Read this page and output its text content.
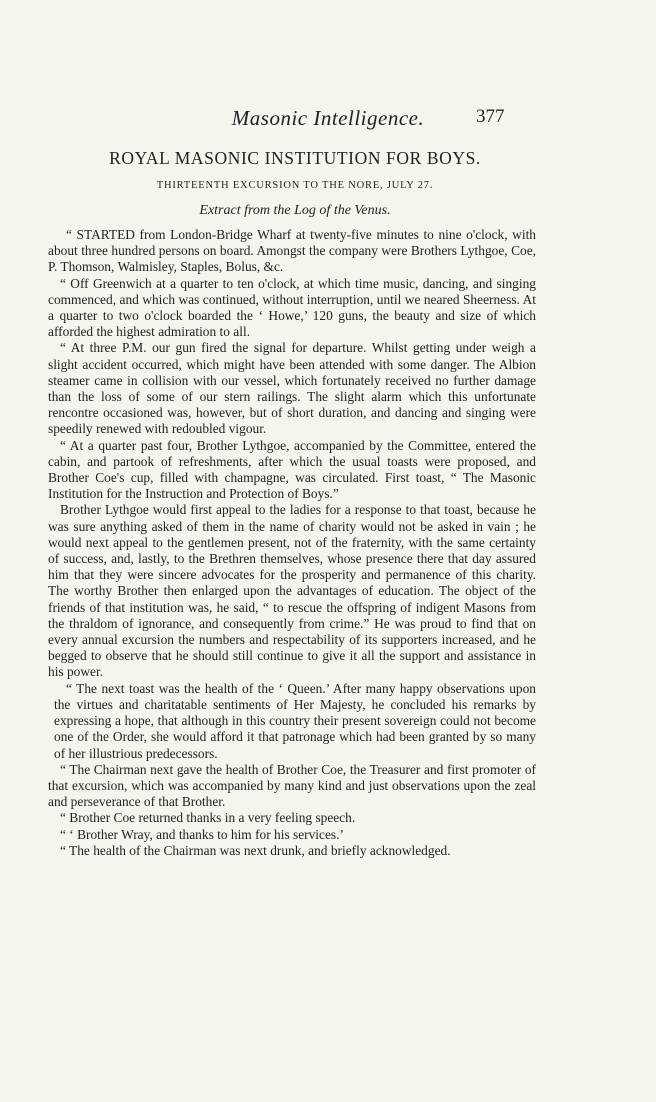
Masonic Intelligence.	377
ROYAL MASONIC INSTITUTION FOR BOYS.
THIRTEENTH EXCURSION TO THE NORE, JULY 27.
Extract from the Log of the Venus.

“ STARTED from London-Bridge Wharf at twenty-five minutes to nine o'clock, with about three hundred persons on board. Amongst the company were Brothers Lythgoe, Coe, P. Thomson, Walmisley, Staples, Bolus, &c.

“ Off Greenwich at a quarter to ten o'clock, at which time music, dancing, and singing commenced, and which was continued, without interruption, until we neared Sheerness. At a quarter to two o'clock boarded the ‘ Howe,’ 120 guns, the beauty and size of which afforded the highest admiration to all.

“ At three P.M. our gun fired the signal for departure. Whilst getting under weigh a slight accident occurred, which might have been attended with some danger. The Albion steamer came in collision with our vessel, which fortunately received no further damage than the loss of some of our stern railings. The slight alarm which this unfortunate rencontre occasioned was, however, but of short duration, and dancing and singing were speedily renewed with redoubled vigour.

“ At a quarter past four, Brother Lythgoe, accompanied by the Committee, entered the cabin, and partook of refreshments, after which the usual toasts were proposed, and Brother Coe's cup, filled with champagne, was circulated. First toast, “ The Masonic Institution for the Instruction and Protection of Boys.”

Brother Lythgoe would first appeal to the ladies for a response to that toast, because he was sure anything asked of them in the name of charity would not be asked in vain ; he would next appeal to the gentlemen present, not of the fraternity, with the same certainty of success, and, lastly, to the Brethren themselves, whose presence there that day assured him that they were sincere advocates for the prosperity and permanence of this charity. The worthy Brother then enlarged upon the advantages of education. The object of the friends of that institution was, he said, “ to rescue the offspring of indigent Masons from the thraldom of ignorance, and consequently from crime.” He was proud to find that on every annual excursion the numbers and respectability of its supporters increased, and he begged to observe that he should still continue to give it all the support and assistance in his power.

“ The next toast was the health of the ‘ Queen.’ After many happy observations upon the virtues and charitatable sentiments of Her Majesty, he concluded his remarks by expressing a hope, that although in this country their present sovereign could not become one of the Order, she would afford it that patronage which had been granted by so many of her illustrious predecessors.

“ The Chairman next gave the health of Brother Coe, the Treasurer and first promoter of that excursion, which was accompanied by many kind and just observations upon the zeal and perseverance of that Brother.

“ Brother Coe returned thanks in a very feeling speech.

“ ‘ Brother Wray, and thanks to him for his services.’

“ The health of the Chairman was next drunk, and briefly acknowledged.
